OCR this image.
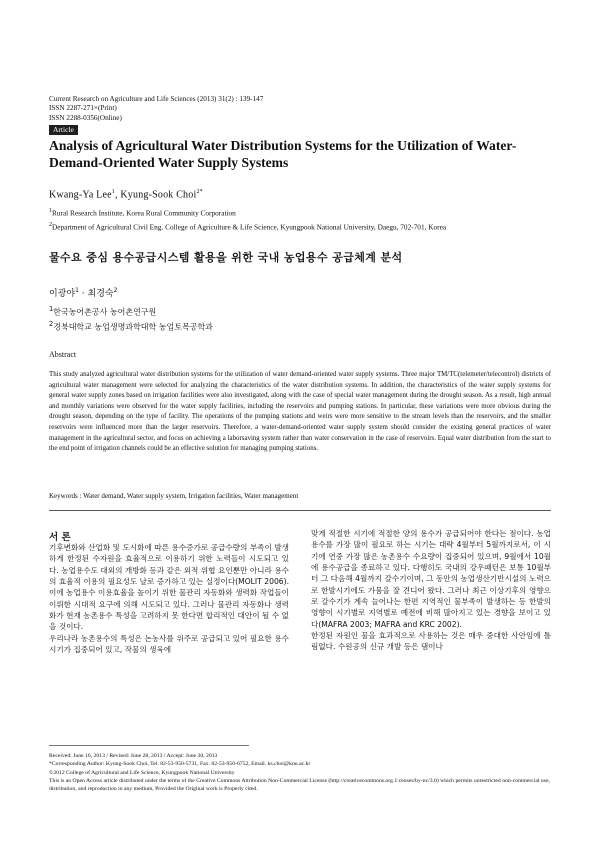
Current Research on Agriculture and Life Sciences (2013) 31(2) : 139-147
ISSN 2287-271×(Print)
ISSN 2288-0356(Online)
Article
Analysis of Agricultural Water Distribution Systems for the Utilization of Water-Demand-Oriented Water Supply Systems
Kwang-Ya Lee$^1$, Kyung-Sook Choi$^{2*}$
$^1$Rural Research Institute, Korea Rural Community Corporation
$^2$Department of Agricultural Civil Eng. College of Agriculture & Life Science, Kyungpook National University, Daegu, 702-701, Korea
물수요 중심 용수공급시스템 활용을 위한 국내 농업용수 공급체계 분석
이광야$^1$ · 최경숙$^2$
$^1$한국농어촌공사 농어촌연구원
$^2$경북대학교 농업생명과학대학 농업토목공학과
Abstract
This study analyzed agricultural water distribution systems for the utilization of water demand-oriented water supply systems. Three major TM/TC(telemeter/telecontrol) districts of agricultural water management were selected for analyzing the characteristics of the water distribution systems. In addition, the characteristics of the water supply systems for general water supply zones based on irrigation facilities were also investigated, along with the case of special water management during the drought season. As a result, high annual and monthly variations were observed for the water supply facilities, including the reservoirs and pumping stations. In particular, these variations were more obvious during the drought season, depending on the type of facility. The operations of the pumping stations and weirs were more sensitive to the stream levels than the reservoirs, and the smaller reservoirs were influenced more than the larger reservoirs. Therefore, a water-demand-oriented water supply system should consider the existing general practices of water management in the agricultural sector, and focus on achieving a laborsaving system rather than water conservation in the case of reservoirs. Equal water distribution from the start to the end point of irrigation channels could be an effective solution for managing pumping stations.
Keywords : Water demand, Water supply system, Irrigation facilities, Water management
서 론

기후변화와 산업화 및 도시화에 따른 용수증가로 공급수량의 부족이 발생하게 한정된 수자원을 효율적으로 이용하기 위한 노력들이 시도되고 있다. 농업용수도 대외의 개방화 등과 같은 외적 위협 요인뿐만 아니라 용수의 효율적 이용의 필요성도 날로 증가하고 있는 실정이다(MOLIT 2006). 이에 농업용수 이용효율을 높이기 위한 물관리 자동화와 생력화 작업들이 이뤄한 시대적 요구에 의해 시도되고 있다. 그러나 물관리 자동화나 생력화가 현재 농촌용수 특성을 고려하지 못 한다면 합리적인 대안이 될 수 없을 것이다.

우리나라 농촌용수의 특성은 논농사를 위주로 공급되고 있어 필요한 용수시기가 집중되어 있고, 작물의 생육에

맞게 적절한 시기에 적절한 양의 용수가 공급되어야 한다는 점이다. 농업용수를 가장 많이 필요로 하는 시기는 대략 4월부터 5월까지로서, 이 시기에 연중 가장 많은 농촌용수 수요량이 집중되어 있으며, 9월에서 10월에 용수공급을 종료하고 있다. 다행히도 국내의 강우패턴은 보통 10월부터 그 다음해 4월까지 갈수기이며, 그 동안의 농업생산기반시설의 노력으로 한발시기에도 가뭄을 잘 견디어 왔다. 그러나 최근 이상기후의 영향으로 갈수기가 계속 늘어나는 한편 지역적인 물부족이 발생하는 등 한발의 영향이 시기별로 지역별로 예전에 비해 많아지고 있는 경향을 보이고 있다(MAFRA 2003; MAFRA and KRC 2002).

한정된 자원인 물을 효과적으로 사용하는 것은 매우 중대한 사안임에 틀림없다. 수원공의 신규 개발 등은 댐이나

Received: June 16, 2013 / Revised: June 28, 2013 / Accept: June 30, 2013
*Corresponding Author: Kyung-Sook Choi, Tel. 82-53-950-5731, Fax. 82-53-950-6752, Email. ks.choi@knu.ac.kr
©2012 College of Agricultural and Life Science, Kyungpook National University
This is an Open Access article distributed under the terms of the Creative Commons Attribution Non-Commercial License (http://creativecommons.org.1:censes/by-nc/3.0) which permits unrestricted non-commercial use, distribution, and reproduction in any medium, Provided the Original work is Properly cited.
